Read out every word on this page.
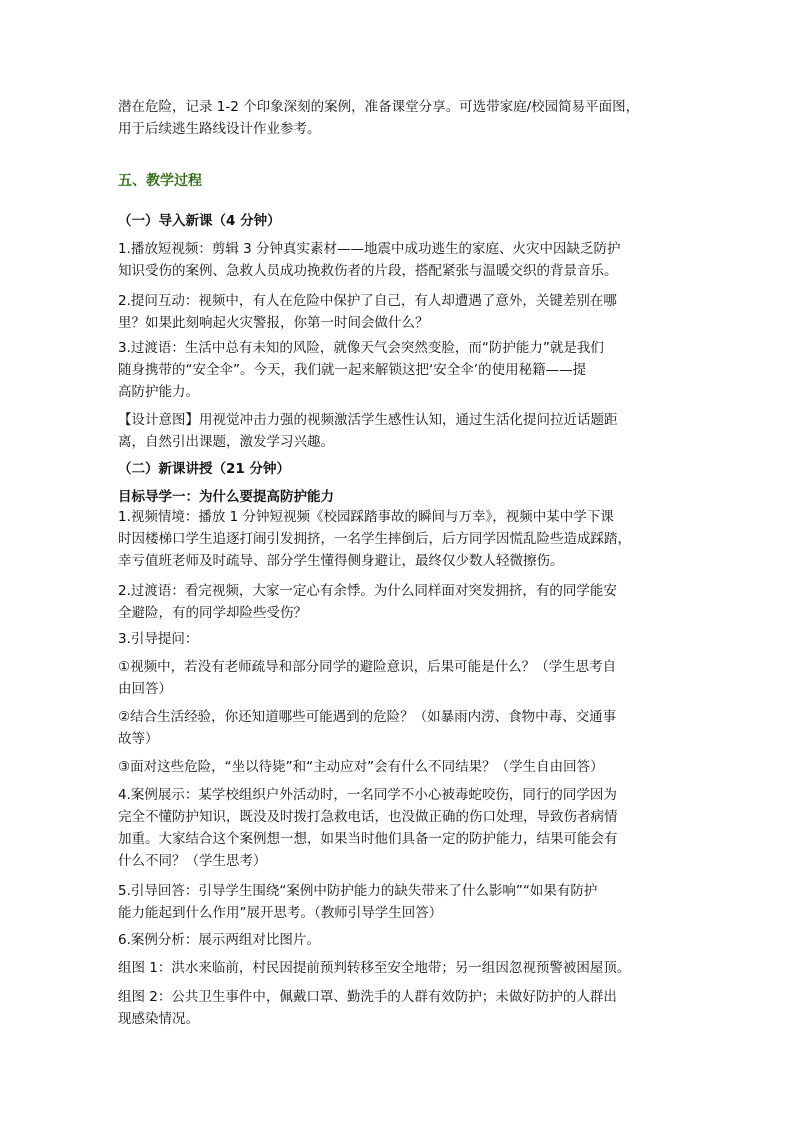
潜在危险，记录 1-2 个印象深刻的案例，准备课堂分享。可选带家庭/校园简易平面图，

用于后续逃生路线设计作业参考。

五、教学过程

（一）导入新课（4 分钟）

1.播放短视频：剪辑 3 分钟真实素材——地震中成功逃生的家庭、火灾中因缺乏防护

知识受伤的案例、急救人员成功挽救伤者的片段，搭配紧张与温暖交织的背景音乐。

2.提问互动：视频中，有人在危险中保护了自己，有人却遭遇了意外，关键差别在哪

里？如果此刻响起火灾警报，你第一时间会做什么？

3.过渡语：生活中总有未知的风险，就像天气会突然变脸，而“防护能力”就是我们

随身携带的“安全伞”。今天，我们就一起来解锁这把‘安全伞’的使用秘籍——提

高防护能力。

【设计意图】用视觉冲击力强的视频激活学生感性认知，通过生活化提问拉近话题距

离，自然引出课题，激发学习兴趣。

（二）新课讲授（21 分钟）

目标导学一：为什么要提高防护能力

1.视频情境：播放 1 分钟短视频《校园踩踏事故的瞬间与万幸》，视频中某中学下课

时因楼梯口学生追逐打闹引发拥挤，一名学生摔倒后，后方同学因慌乱险些造成踩踏，

幸亏值班老师及时疏导、部分学生懂得侧身避让，最终仅少数人轻微擦伤。

2.过渡语：看完视频，大家一定心有余悸。为什么同样面对突发拥挤，有的同学能安

全避险，有的同学却险些受伤？

3.引导提问：

①视频中，若没有老师疏导和部分同学的避险意识，后果可能是什么？（学生思考自

由回答）

②结合生活经验，你还知道哪些可能遇到的危险？（如暴雨内涝、食物中毒、交通事

故等）

③面对这些危险，“坐以待毙”和“主动应对”会有什么不同结果？（学生自由回答）

4.案例展示：某学校组织户外活动时，一名同学不小心被毒蛇咬伤，同行的同学因为

完全不懂防护知识，既没及时拨打急救电话，也没做正确的伤口处理，导致伤者病情

加重。大家结合这个案例想一想，如果当时他们具备一定的防护能力，结果可能会有

什么不同？（学生思考）

5.引导回答：引导学生围绕“案例中防护能力的缺失带来了什么影响”“如果有防护

能力能起到什么作用”展开思考。（教师引导学生回答）

6.案例分析：展示两组对比图片。

组图 1：洪水来临前，村民因提前预判转移至安全地带；另一组因忽视预警被困屋顶。

组图 2：公共卫生事件中，佩戴口罩、勤洗手的人群有效防护；未做好防护的人群出

现感染情况。
